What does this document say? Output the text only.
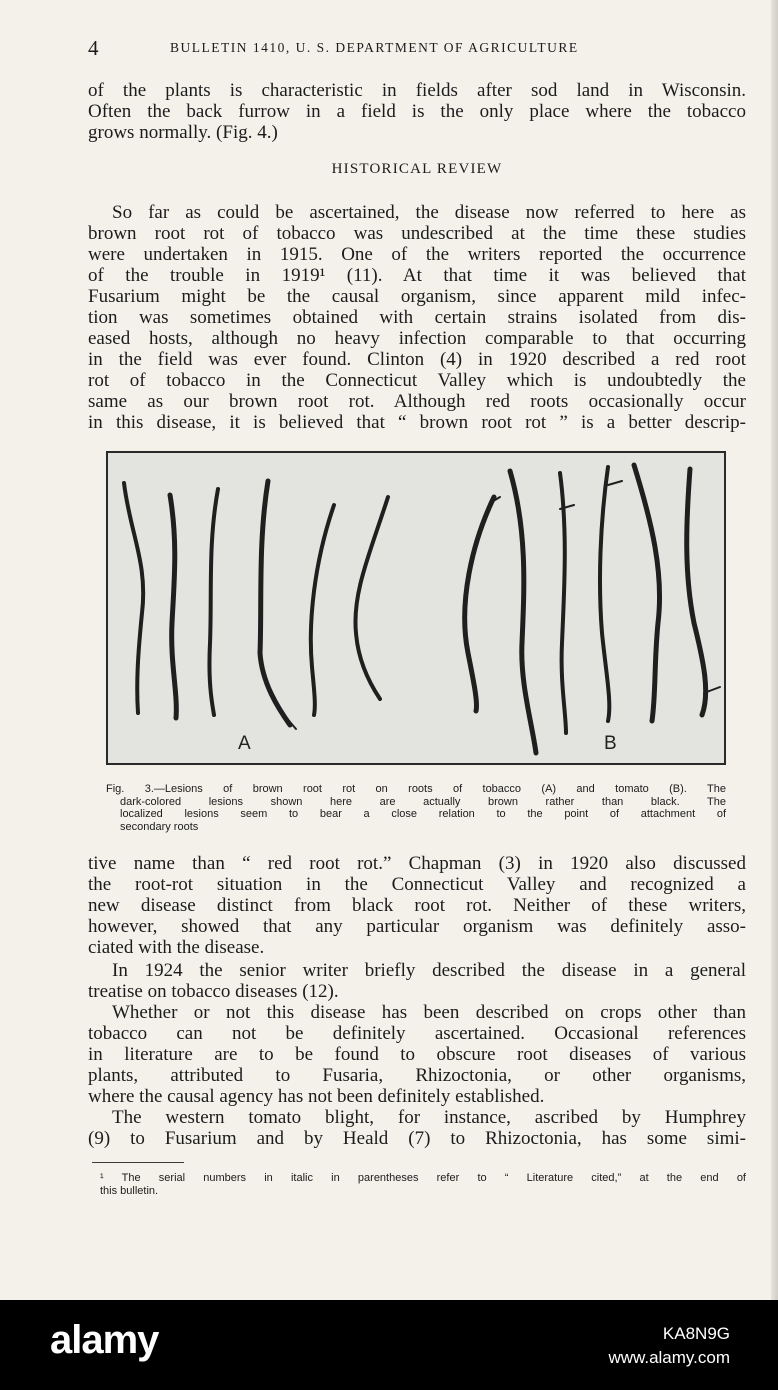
4	BULLETIN 1410, U. S. DEPARTMENT OF AGRICULTURE

of the plants is characteristic in fields after sod land in Wisconsin.
Often the back furrow in a field is the only place where the tobacco
grows normally. (Fig. 4.)

HISTORICAL REVIEW

So far as could be ascertained, the disease now referred to here as
brown root rot of tobacco was undescribed at the time these studies
were undertaken in 1915. One of the writers reported the occurrence
of the trouble in 1919¹ (11). At that time it was believed that
Fusarium might be the causal organism, since apparent mild infec-
tion was sometimes obtained with certain strains isolated from dis-
eased hosts, although no heavy infection comparable to that occurring
in the field was ever found. Clinton (4) in 1920 described a red root
rot of tobacco in the Connecticut Valley which is undoubtedly the
same as our brown root rot. Although red roots occasionally occur
in this disease, it is believed that “ brown root rot ” is a better descrip-

A	B
Fig. 3.—Lesions of brown root rot on roots of tobacco (A) and tomato (B). The
dark-colored lesions shown here are actually brown rather than black. The
localized lesions seem to bear a close relation to the point of attachment of
secondary roots

tive name than “ red root rot.” Chapman (3) in 1920 also discussed
the root-rot situation in the Connecticut Valley and recognized a
new disease distinct from black root rot. Neither of these writers,
however, showed that any particular organism was definitely asso-
ciated with the disease.

In 1924 the senior writer briefly described the disease in a general
treatise on tobacco diseases (12).

Whether or not this disease has been described on crops other than
tobacco can not be definitely ascertained. Occasional references
in literature are to be found to obscure root diseases of various
plants, attributed to Fusaria, Rhizoctonia, or other organisms,
where the causal agency has not been definitely established.

The western tomato blight, for instance, ascribed by Humphrey
(9) to Fusarium and by Heald (7) to Rhizoctonia, has some simi-

¹ The serial numbers in italic in parentheses refer to “ Literature cited,” at the end of
this bulletin.
alamy	KA8N9G
www.alamy.com
